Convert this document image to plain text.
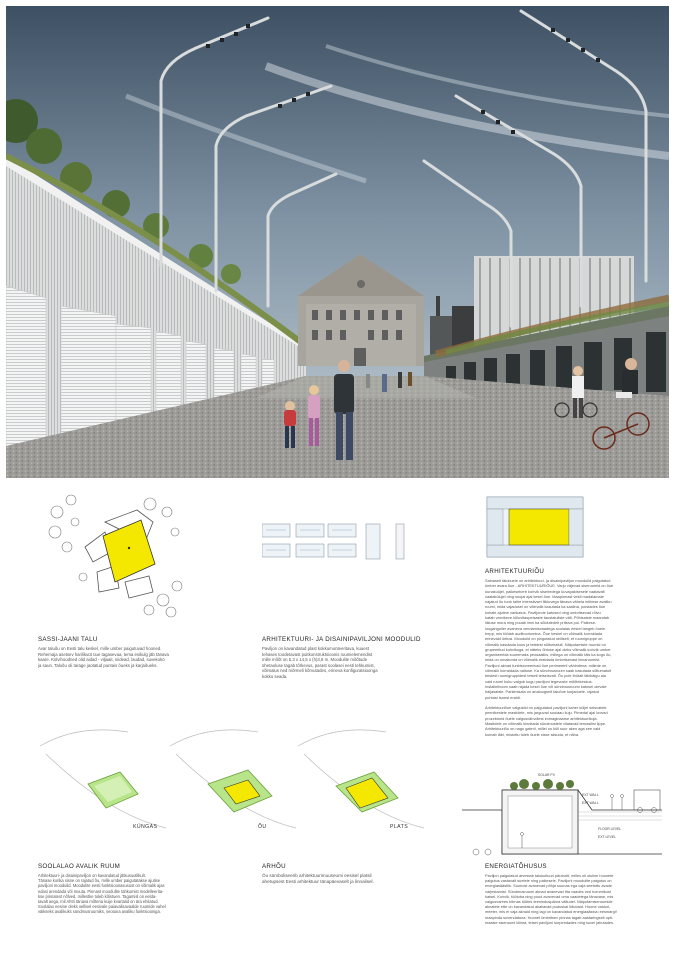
SASSI-JAANI TALU
Avar taluõu on Eesti talu keskel, mille umber paigutuvad hooned.
Rehemaja asetsev harilikuüt üue tagasevaa, tema esikulg jäb tänava
kaare. Külvihoodned olid aidad - viljaait, niidead, laudad, suvekokö
ja saun. Taluõu oli tarage jaotatud puntais õueks ja karjaõueks.
ARHITEKTUURI- JA DISAINIPAVILJONI MOODULID
Paviljon on kavandatud plast kokkumonteeritava, kuuest
tehases toodetavast puitkonstruktsioonis ruumielemendist
mille mõõt on 5,3 x 14,5 x (h)3,8 m. Moodulite mõõtude
ühetaoluse tagab tõrkevus, parast soolasei eesti tehkumist,
võimalus ned mõrmeli kõrvutades, erineva konfiguratsioonga
kokku seada.
ARHITEKTUURIÕU
Sainaselt täiubuele on arhitektuuri- ja disainipaviljon moodulid paigutatud
ümber avara õue - ARHITEKTUURIÕUE. Varju väjevad siseruumid on õue
üunakuüjel, paikesekerb kohvik siseriedega üuvapakisesele vaatavalt
vaatakülujel ning soojal ajal kesel õue. Maapinnast veidi madalamale
najatud õu toob talhe intensiivset liikluvega tänava vähela intiimse avaliku
ruumi, mida vajadusel on võimalik kasutada ka saalina, puistades õue
kohale ajutine varikatus. Paviljonde katused ning umbritsevad rõivu
katab varvikeve kõluvitaspeisaste taustatuliste vält. Põhisaiste maandab
liikuse mura ning puuab linni ka sõidutedelt pritsiva poi. Paikese-
looganguiler avaneva vendamisvaadega soolalas eestel tangeb õuele
trepp, mis töötab auditooriumina. Õue keskel on võimalik korraldada
erinevaid üritusi. Moodulid on pingutatud selliselt, et ruumigruppe on
võimalik kasutada koos ja teistest sõltumatult. Näiputamiste ruumid on
grupeeritud kohvikuga, et näteks õhtuse ajal oleks võimalik kohvik umber
organiseerida suuremaks peosaaliks, millega on võimalik täis ka kogu õu,
mida on omakorda on võimalik eraldada ümbritsevast linnaruumist.
Paviljoni aknad funktsioneerivad õue perimeetril vähindena; millede on
võimalik korraldada naituse. Ka sündmusruum saab kasutada sõltumatult
teistest ruumigruppidest teiseti teiseisvalt. Õu pole thütalt läbikäigu ala
vaid ruumi kuhu valgub kogu paviljoni tegevuste mõõtekeskus.
Installeiboom saab rajada kesel õue või sündmusruumi katusel olevale
haljasalale. Parkimisala on analoogselt taluõue korjaduele, rajatud
puhtast tsuest eraldi.

Arhitektuuriõue valgustid on paigutatud paviljoni kaher küljel seisvatele
peenikestele mastidele, mis jarguvad soolaau kuju. Pimedal ajal loovad
prozektorid õuele valgusvähvdiest immaginaarse arhitektuurikoja.
Mastidele on võimalik kinnitada sündmustele vilatavad ternasilisi lippe.
Arhitektuuriõu on nagu galerii, millel on küll suur aken aga see vaid
kumab läbi, mistottu tuleb õuele sisse siisuda, et näha.
KÜNGAS	ÕU	PLATS
SOLAR PV
EXT WALL
EXT WALL
FLOOR LEVEL
EXT LEVEL
SOOLALAO AVALIK RUUM
Arhitektuuri- ja disainipaviljon on kavandatud jätkusuutlikult.
Tänase korika sisse on rajatud õu, mille umber paigutatakse ajutise
paviljoni moodulid. Moodulite eesti funktsioonasusust on võimalik ajas
edasi arendada või muuta. Pinnast moodulite tahkumist modelleerita-
kse pinnatest nõlved, millestke tuleb kõistuen. Tagamisl on eelda-
tavalt aega, mil Ahtri tänava mõtena kuije kvartalid on ära ehitatud.
Soolalao eesine oleks sellisel eesivale paiavalisavaalde ruumide vahel
väikseks avalikuks sündmusruumiks, seotuna avaliku funktsiooniga.
ARHÕU
Õu sümboliseerib arhitektuurimuuseumi eesisel platsil
ahetupsest Eesti arhitektuur tänapäevaselt ja linnalisel.
ENERGIATÕHUSUS
Paviljon paigutatud arvestab talukultuuri pärandit, milles oli oluline hoonete
paigutus vastavalt suetele ning paikesele. Paviljoni moodulite paigutus on
energiasäästlik. Soonost avanevad põhja suunas ega vaja seetottu avade
varjestamist. Sündmusruumi aknad avanevad itta vaades ved hommikust
katsel. Kohvik, töötuba ning pood avanevad oma vaadetega tänavase, mis
valgusvarees kõrnas töötes teeninduspärna vältudel. Näiputamiseruumide
aknatele ette on kavandatud akaliavad puduskai liikuvaid. Hoone valduri-
meeter, mis ei vaja aknaid ning lagi on kavandatud energiaaässvu eesmargi!
maapinda suvendatuna. Hoonet ümbritsev pinnas tagab aastaringselt opti-
maalse siseruumi kliima, teiset paviljoni sorpendades ning suvel jahutades.
